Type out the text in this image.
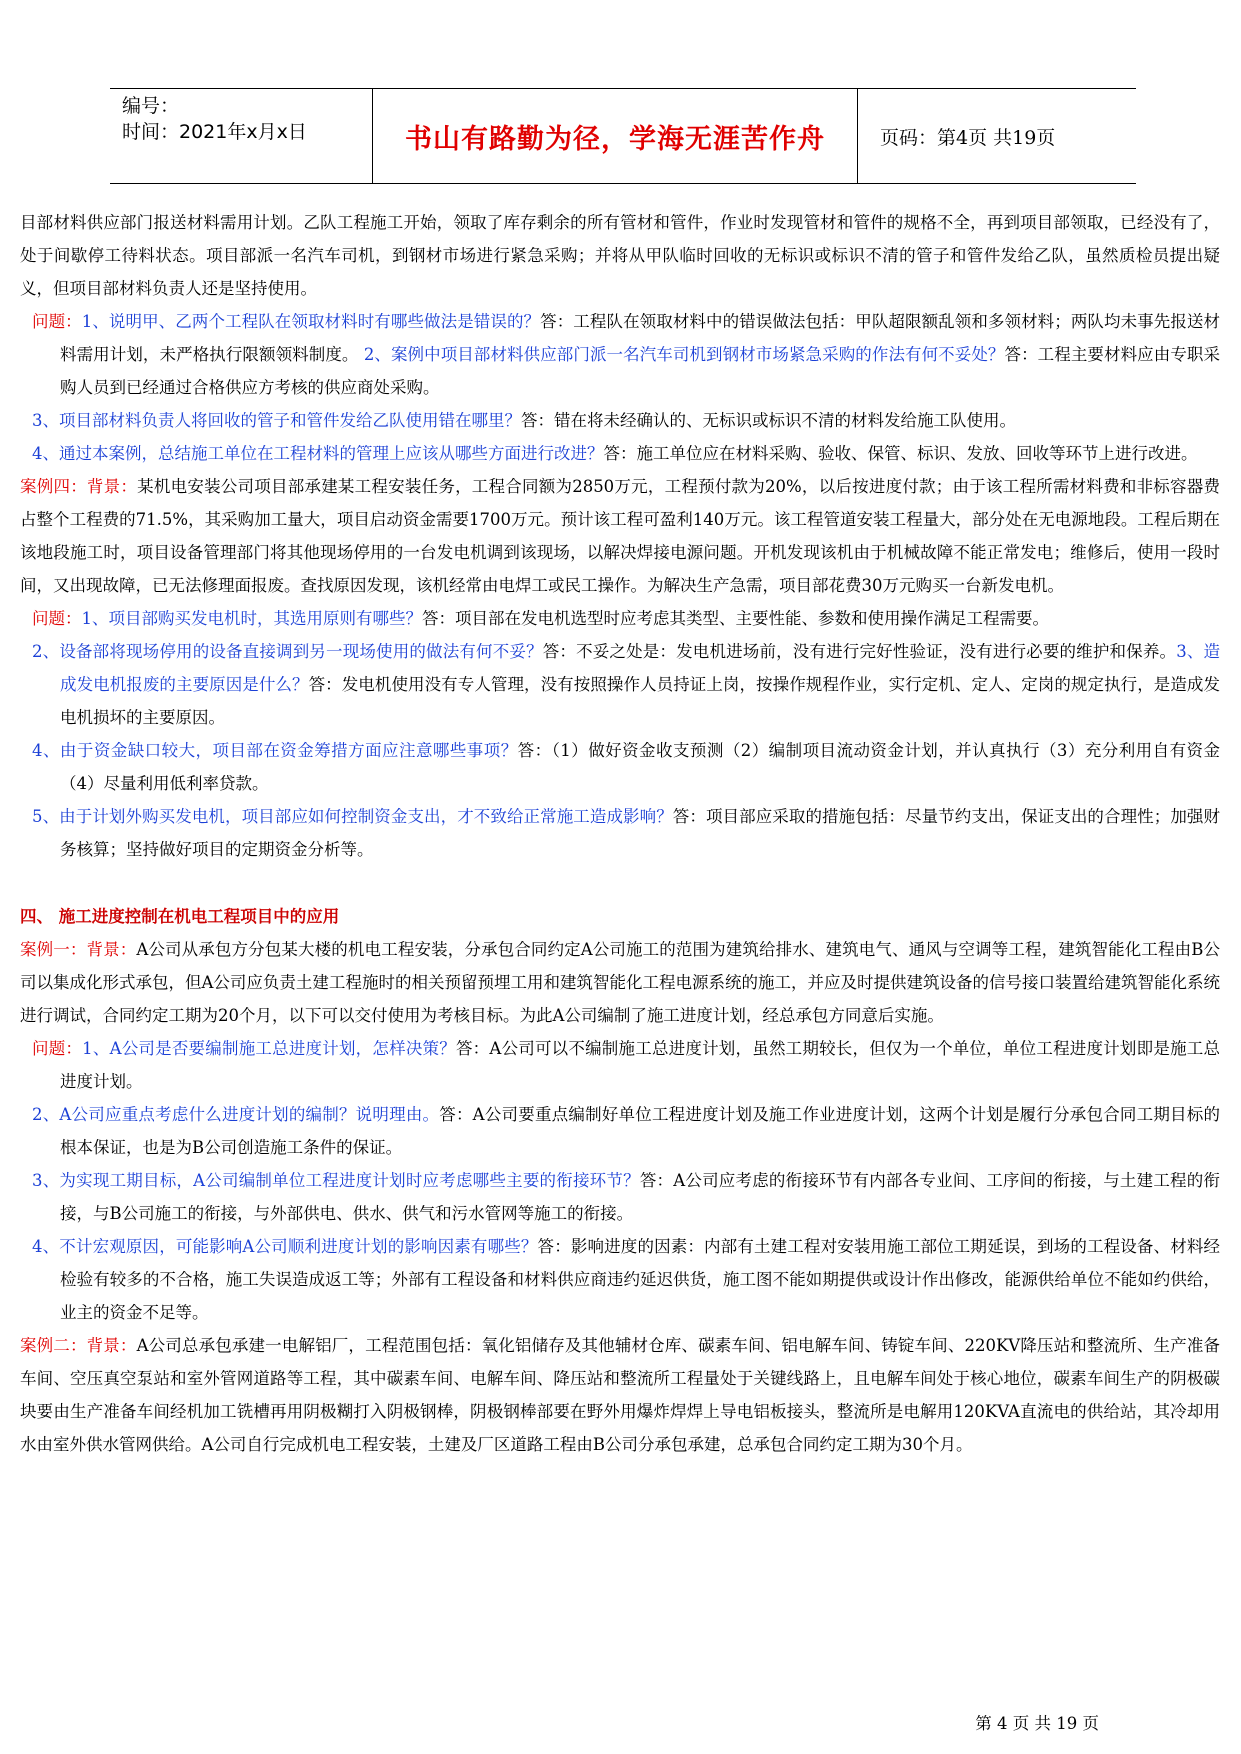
编号：
时间：2021年x月x日	书山有路勤为径，学海无涯苦作舟	页码：第4页 共19页

目部材料供应部门报送材料需用计划。乙队工程施工开始，领取了库存剩余的所有管材和管件，作业时发现管材和管件的规格不全，再到项目部领取，已经没有了，处于间歇停工待料状态。项目部派一名汽车司机，到钢材市场进行紧急采购；并将从甲队临时回收的无标识或标识不清的管子和管件发给乙队，虽然质检员提出疑义，但项目部材料负责人还是坚持使用。

问题：1、说明甲、乙两个工程队在领取材料时有哪些做法是错误的？答：工程队在领取材料中的错误做法包括：甲队超限额乱领和多领材料；两队均未事先报送材料需用计划，未严格执行限额领料制度。 2、案例中项目部材料供应部门派一名汽车司机到钢材市场紧急采购的作法有何不妥处？答：工程主要材料应由专职采购人员到已经通过合格供应方考核的供应商处采购。

3、项目部材料负责人将回收的管子和管件发给乙队使用错在哪里？答：错在将未经确认的、无标识或标识不清的材料发给施工队使用。

4、通过本案例，总结施工单位在工程材料的管理上应该从哪些方面进行改进？答：施工单位应在材料采购、验收、保管、标识、发放、回收等环节上进行改进。

案例四：背景：某机电安装公司项目部承建某工程安装任务，工程合同额为2850万元，工程预付款为20%，以后按进度付款；由于该工程所需材料费和非标容器费占整个工程费的71.5%，其采购加工量大，项目启动资金需要1700万元。预计该工程可盈利140万元。该工程管道安装工程量大，部分处在无电源地段。工程后期在该地段施工时，项目设备管理部门将其他现场停用的一台发电机调到该现场，以解决焊接电源问题。开机发现该机由于机械故障不能正常发电；维修后，使用一段时间，又出现故障，已无法修理面报废。查找原因发现，该机经常由电焊工或民工操作。为解决生产急需，项目部花费30万元购买一台新发电机。

问题：1、项目部购买发电机时，其选用原则有哪些？答：项目部在发电机选型时应考虑其类型、主要性能、参数和使用操作满足工程需要。

2、设备部将现场停用的设备直接调到另一现场使用的做法有何不妥？答：不妥之处是：发电机进场前，没有进行完好性验证，没有进行必要的维护和保养。3、造成发电机报废的主要原因是什么？答：发电机使用没有专人管理，没有按照操作人员持证上岗，按操作规程作业，实行定机、定人、定岗的规定执行，是造成发电机损坏的主要原因。

4、由于资金缺口较大，项目部在资金筹措方面应注意哪些事项？答：（1）做好资金收支预测（2）编制项目流动资金计划，并认真执行（3）充分利用自有资金（4）尽量利用低利率贷款。

5、由于计划外购买发电机，项目部应如何控制资金支出，才不致给正常施工造成影响？答：项目部应采取的措施包括：尽量节约支出，保证支出的合理性；加强财务核算；坚持做好项目的定期资金分析等。

四、 施工进度控制在机电工程项目中的应用

案例一：背景：A公司从承包方分包某大楼的机电工程安装，分承包合同约定A公司施工的范围为建筑给排水、建筑电气、通风与空调等工程，建筑智能化工程由B公司以集成化形式承包，但A公司应负责土建工程施时的相关预留预埋工用和建筑智能化工程电源系统的施工，并应及时提供建筑设备的信号接口装置给建筑智能化系统进行调试，合同约定工期为20个月，以下可以交付使用为考核目标。为此A公司编制了施工进度计划，经总承包方同意后实施。

问题：1、A公司是否要编制施工总进度计划，怎样决策？答：A公司可以不编制施工总进度计划，虽然工期较长，但仅为一个单位，单位工程进度计划即是施工总进度计划。

2、A公司应重点考虑什么进度计划的编制？说明理由。答：A公司要重点编制好单位工程进度计划及施工作业进度计划，这两个计划是履行分承包合同工期目标的根本保证，也是为B公司创造施工条件的保证。

3、为实现工期目标，A公司编制单位工程进度计划时应考虑哪些主要的衔接环节？答：A公司应考虑的衔接环节有内部各专业间、工序间的衔接，与土建工程的衔接，与B公司施工的衔接，与外部供电、供水、供气和污水管网等施工的衔接。

4、不计宏观原因，可能影响A公司顺利进度计划的影响因素有哪些？答：影响进度的因素：内部有土建工程对安装用施工部位工期延误，到场的工程设备、材料经检验有较多的不合格，施工失误造成返工等；外部有工程设备和材料供应商违约延迟供货，施工图不能如期提供或设计作出修改，能源供给单位不能如约供给，业主的资金不足等。

案例二：背景：A公司总承包承建一电解铝厂，工程范围包括：氧化铝储存及其他辅材仓库、碳素车间、铝电解车间、铸锭车间、220KV降压站和整流所、生产准备车间、空压真空泵站和室外管网道路等工程，其中碳素车间、电解车间、降压站和整流所工程量处于关键线路上，且电解车间处于核心地位，碳素车间生产的阴极碳块要由生产准备车间经机加工铣槽再用阴极糊打入阴极钢棒，阴极钢棒部要在野外用爆炸焊焊上导电铝板接头，整流所是电解用120KVA直流电的供给站，其冷却用水由室外供水管网供给。A公司自行完成机电工程安装，土建及厂区道路工程由B公司分承包承建，总承包合同约定工期为30个月。

第 4 页 共 19 页
